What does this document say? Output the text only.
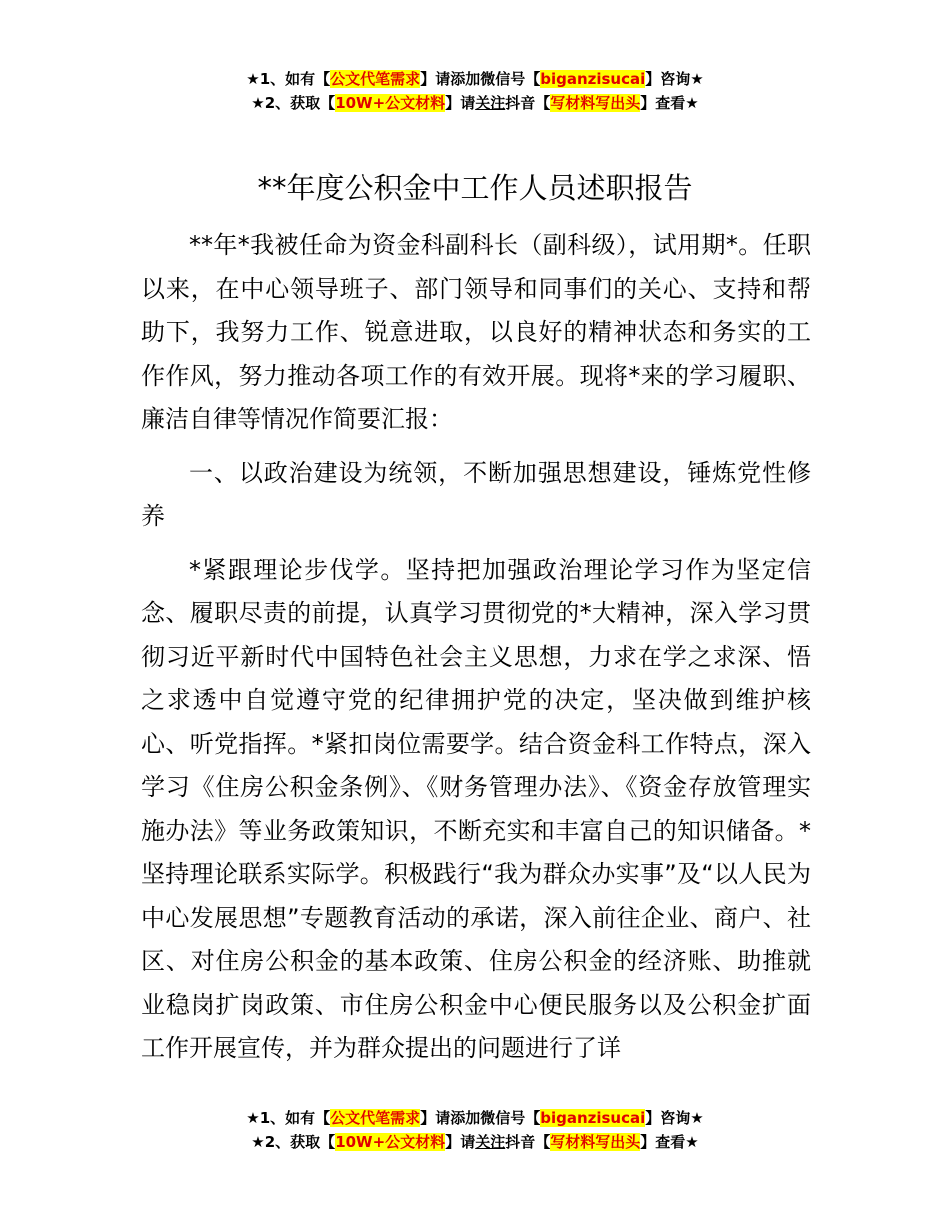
★1、如有【公文代笔需求】请添加微信号【biganzisucai】咨询★
★2、获取【10W+公文材料】请关注抖音【写材料写出头】查看★
**年度公积金中工作人员述职报告

**年*我被任命为资金科副科长（副科级），试用期*。任职以来，在中心领导班子、部门领导和同事们的关心、支持和帮助下，我努力工作、锐意进取，以良好的精神状态和务实的工作作风，努力推动各项工作的有效开展。现将*来的学习履职、廉洁自律等情况作简要汇报：

一、以政治建设为统领，不断加强思想建设，锤炼党性修养

*紧跟理论步伐学。坚持把加强政治理论学习作为坚定信念、履职尽责的前提，认真学习贯彻党的*大精神，深入学习贯彻习近平新时代中国特色社会主义思想，力求在学之求深、悟之求透中自觉遵守党的纪律拥护党的决定，坚决做到维护核心、听党指挥。*紧扣岗位需要学。结合资金科工作特点，深入学习《住房公积金条例》、《财务管理办法》、《资金存放管理实施办法》等业务政策知识，不断充实和丰富自己的知识储备。*坚持理论联系实际学。积极践行“我为群众办实事”及“以人民为中心发展思想”专题教育活动的承诺，深入前往企业、商户、社区、对住房公积金的基本政策、住房公积金的经济账、助推就业稳岗扩岗政策、市住房公积金中心便民服务以及公积金扩面工作开展宣传，并为群众提出的问题进行了详

★1、如有【公文代笔需求】请添加微信号【biganzisucai】咨询★
★2、获取【10W+公文材料】请关注抖音【写材料写出头】查看★
